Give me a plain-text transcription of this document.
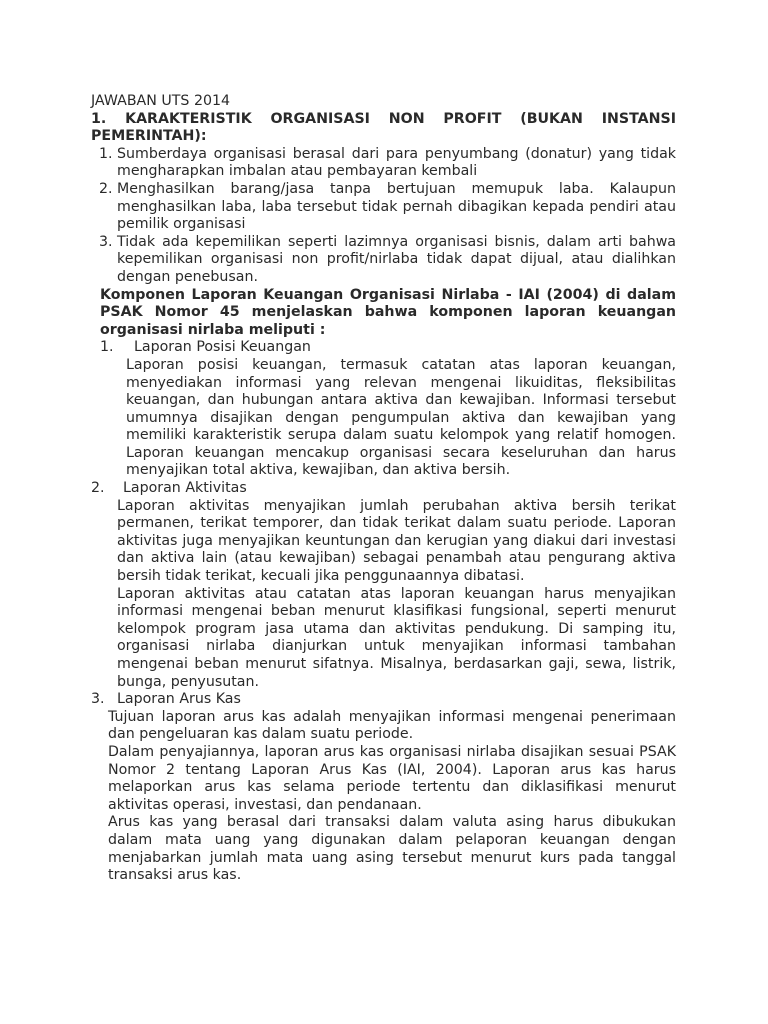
JAWABAN UTS 2014

1. KARAKTERISTIK ORGANISASI NON PROFIT (BUKAN INSTANSI PEMERINTAH):

1. Sumberdaya organisasi berasal dari para penyumbang (donatur) yang tidak mengharapkan imbalan atau pembayaran kembali
2. Menghasilkan barang/jasa tanpa bertujuan memupuk laba. Kalaupun menghasilkan laba, laba tersebut tidak pernah dibagikan kepada pendiri atau pemilik organisasi
3. Tidak ada kepemilikan seperti lazimnya organisasi bisnis, dalam arti bahwa kepemilikan organisasi non profit/nirlaba tidak dapat dijual, atau dialihkan dengan penebusan.

Komponen Laporan Keuangan Organisasi Nirlaba - IAI (2004) di dalam PSAK Nomor 45 menjelaskan bahwa komponen laporan keuangan organisasi nirlaba meliputi :

1. Laporan Posisi Keuangan

Laporan posisi keuangan, termasuk catatan atas laporan keuangan, menyediakan informasi yang relevan mengenai likuiditas, fleksibilitas keuangan, dan hubungan antara aktiva dan kewajiban. Informasi tersebut umumnya disajikan dengan pengumpulan aktiva dan kewajiban yang memiliki karakteristik serupa dalam suatu kelompok yang relatif homogen. Laporan keuangan mencakup organisasi secara keseluruhan dan harus menyajikan total aktiva, kewajiban, dan aktiva bersih.

2. Laporan Aktivitas

Laporan aktivitas menyajikan jumlah perubahan aktiva bersih terikat permanen, terikat temporer, dan tidak terikat dalam suatu periode. Laporan aktivitas juga menyajikan keuntungan dan kerugian yang diakui dari investasi dan aktiva lain (atau kewajiban) sebagai penambah atau pengurang aktiva bersih tidak terikat, kecuali jika penggunaannya dibatasi.

Laporan aktivitas atau catatan atas laporan keuangan harus menyajikan informasi mengenai beban menurut klasifikasi fungsional, seperti menurut kelompok program jasa utama dan aktivitas pendukung. Di samping itu, organisasi nirlaba dianjurkan untuk menyajikan informasi tambahan mengenai beban menurut sifatnya. Misalnya, berdasarkan gaji, sewa, listrik, bunga, penyusutan.

3. Laporan Arus Kas

Tujuan laporan arus kas adalah menyajikan informasi mengenai penerimaan dan pengeluaran kas dalam suatu periode.

Dalam penyajiannya, laporan arus kas organisasi nirlaba disajikan sesuai PSAK Nomor 2 tentang Laporan Arus Kas (IAI, 2004). Laporan arus kas harus melaporkan arus kas selama periode tertentu dan diklasifikasi menurut aktivitas operasi, investasi, dan pendanaan.

Arus kas yang berasal dari transaksi dalam valuta asing harus dibukukan dalam mata uang yang digunakan dalam pelaporan keuangan dengan menjabarkan jumlah mata uang asing tersebut menurut kurs pada tanggal transaksi arus kas.
